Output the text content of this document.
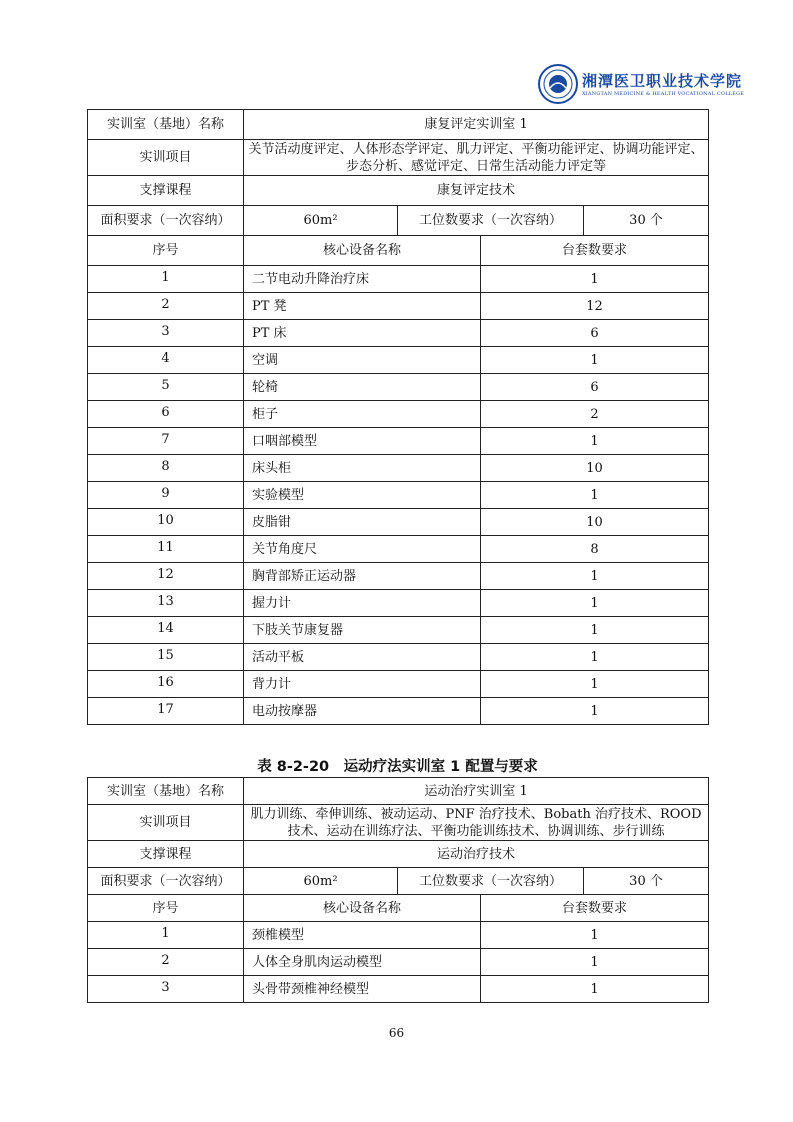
湘潭医卫职业技术学院
XIANGTAN MEDICINE & HEALTH VOCATIONAL COLLEGE
实训室（基地）名称	康复评定实训室 1			
实训项目	关节活动度评定、人体形态学评定、肌力评定、平衡功能评定、协调功能评定、步态分析、感觉评定、日常生活动能力评定等			
支撑课程	康复评定技术			
面积要求（一次容纳）	60m²	工位数要求（一次容纳）		30 个
序号	核心设备名称		台套数要求	
1	二节电动升降治疗床		1	
2	PT 凳		12	
3	PT 床		6	
4	空调		1	
5	轮椅		6	
6	柜子		2	
7	口咽部模型		1	
8	床头柜		10	
9	实验模型		1	
10	皮脂钳		10	
11	关节角度尺		8	
12	胸背部矫正运动器		1	
13	握力计		1	
14	下肢关节康复器		1	
15	活动平板		1	
16	背力计		1	
17	电动按摩器		1	
表 8-2-20　运动疗法实训室 1 配置与要求
实训室（基地）名称	运动治疗实训室 1			
实训项目	肌力训练、牵伸训练、被动运动、PNF 治疗技术、Bobath 治疗技术、ROOD 技术、运动在训练疗法、平衡功能训练技术、协调训练、步行训练			
支撑课程	运动治疗技术			
面积要求（一次容纳）	60m²	工位数要求（一次容纳）		30 个
序号	核心设备名称		台套数要求	
1	颈椎模型		1	
2	人体全身肌肉运动模型		1	
3	头骨带颈椎神经模型		1	
66
